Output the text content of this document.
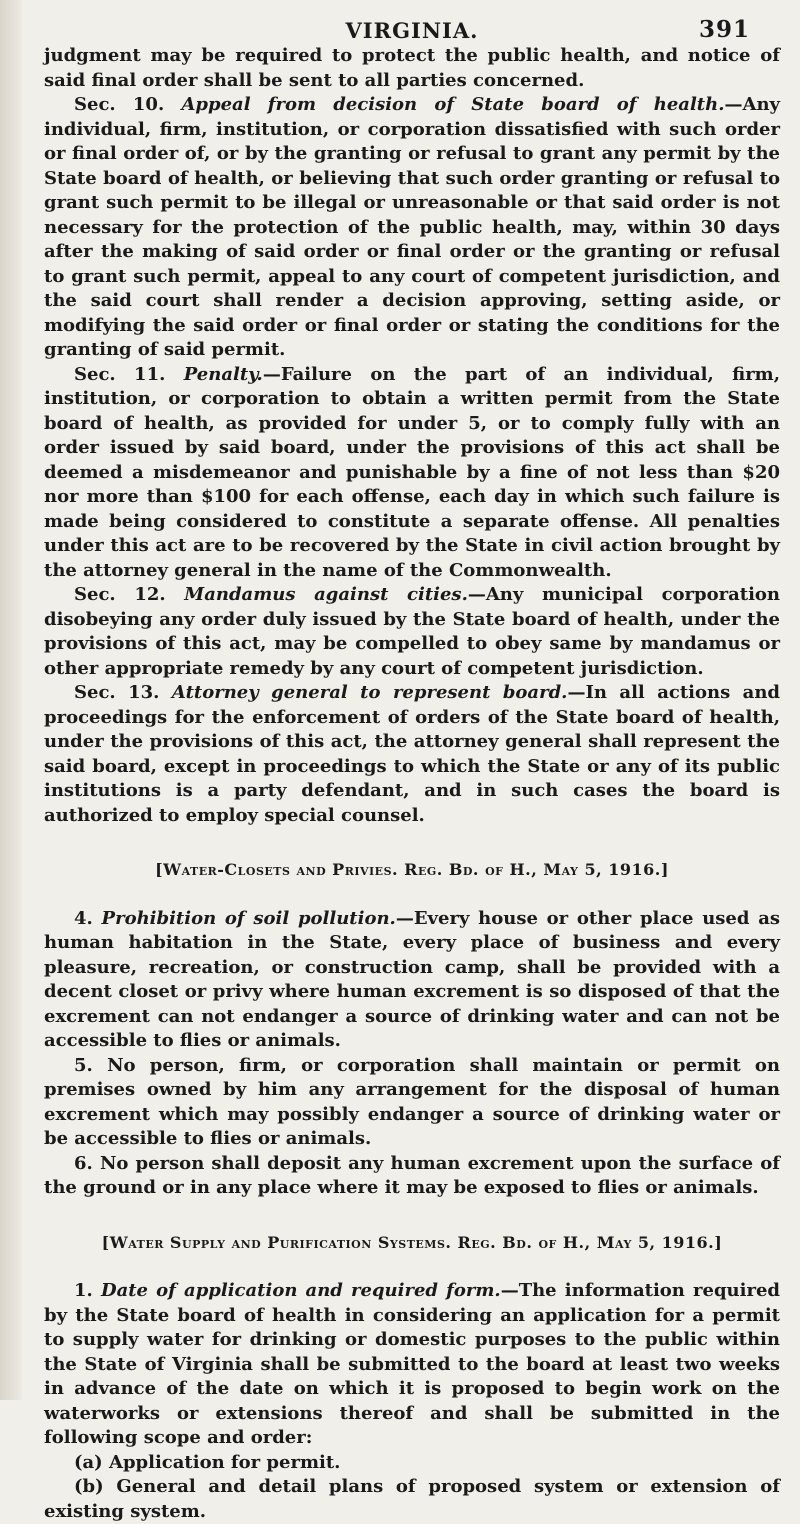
VIRGINIA.	391

judgment may be required to protect the public health, and notice of said final order shall be sent to all parties concerned.

Sec. 10. Appeal from decision of State board of health.—Any individual, firm, institution, or corporation dissatisfied with such order or final order of, or by the granting or refusal to grant any permit by the State board of health, or believing that such order granting or refusal to grant such permit to be illegal or unreasonable or that said order is not necessary for the protection of the public health, may, within 30 days after the making of said order or final order or the granting or refusal to grant such permit, appeal to any court of competent jurisdiction, and the said court shall render a decision approving, setting aside, or modifying the said order or final order or stating the conditions for the granting of said permit.

Sec. 11. Penalty.—Failure on the part of an individual, firm, institution, or corporation to obtain a written permit from the State board of health, as provided for under 5, or to comply fully with an order issued by said board, under the provisions of this act shall be deemed a misdemeanor and punishable by a fine of not less than $20 nor more than $100 for each offense, each day in which such failure is made being considered to constitute a separate offense. All penalties under this act are to be recovered by the State in civil action brought by the attorney general in the name of the Commonwealth.

Sec. 12. Mandamus against cities.—Any municipal corporation disobeying any order duly issued by the State board of health, under the provisions of this act, may be compelled to obey same by mandamus or other appropriate remedy by any court of competent jurisdiction.

Sec. 13. Attorney general to represent board.—In all actions and proceedings for the enforcement of orders of the State board of health, under the provisions of this act, the attorney general shall represent the said board, except in proceedings to which the State or any of its public institutions is a party defendant, and in such cases the board is authorized to employ special counsel.

[Water-Closets and Privies. Reg. Bd. of H., May 5, 1916.]

4. Prohibition of soil pollution.—Every house or other place used as human habitation in the State, every place of business and every pleasure, recreation, or construction camp, shall be provided with a decent closet or privy where human excrement is so disposed of that the excrement can not endanger a source of drinking water and can not be accessible to flies or animals.

5. No person, firm, or corporation shall maintain or permit on premises owned by him any arrangement for the disposal of human excrement which may possibly endanger a source of drinking water or be accessible to flies or animals.

6. No person shall deposit any human excrement upon the surface of the ground or in any place where it may be exposed to flies or animals.

[Water Supply and Purification Systems. Reg. Bd. of H., May 5, 1916.]

1. Date of application and required form.—The information required by the State board of health in considering an application for a permit to supply water for drinking or domestic purposes to the public within the State of Virginia shall be submitted to the board at least two weeks in advance of the date on which it is proposed to begin work on the waterworks or extensions thereof and shall be submitted in the following scope and order:

(a) Application for permit.

(b) General and detail plans of proposed system or extension of existing system.
